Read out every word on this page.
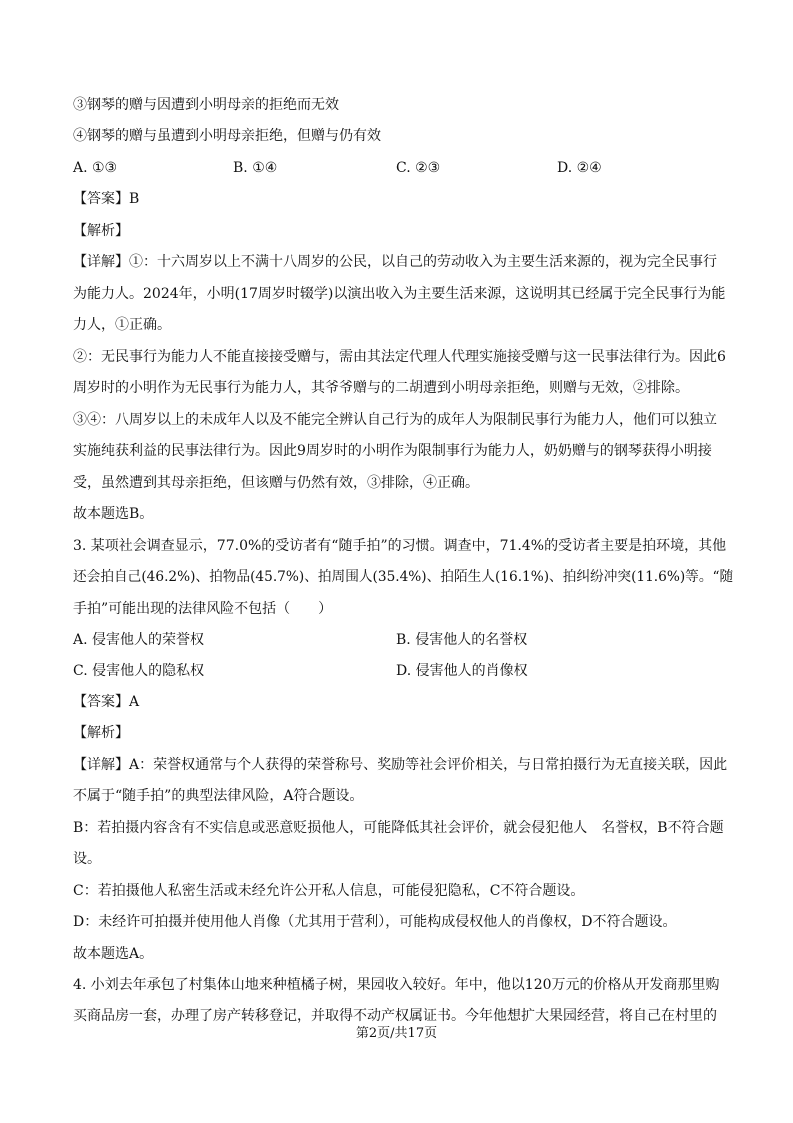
③钢琴的赠与因遭到小明母亲的拒绝而无效
④钢琴的赠与虽遭到小明母亲拒绝，但赠与仍有效
A. ①③	B. ①④	C. ②③	D. ②④
【答案】B
【解析】
【详解】①：十六周岁以上不满十八周岁的公民，以自己的劳动收入为主要生活来源的，视为完全民事行
为能力人。2024年，小明(17周岁时辍学)以演出收入为主要生活来源，这说明其已经属于完全民事行为能
力人，①正确。
②：无民事行为能力人不能直接接受赠与，需由其法定代理人代理实施接受赠与这一民事法律行为。因此6
周岁时的小明作为无民事行为能力人，其爷爷赠与的二胡遭到小明母亲拒绝，则赠与无效，②排除。
③④：八周岁以上的未成年人以及不能完全辨认自己行为的成年人为限制民事行为能力人，他们可以独立
实施纯获利益的民事法律行为。因此9周岁时的小明作为限制事行为能力人，奶奶赠与的钢琴获得小明接
受，虽然遭到其母亲拒绝，但该赠与仍然有效，③排除，④正确。
故本题选B。
3. 某项社会调查显示，77.0%的受访者有“随手拍”的习惯。调查中，71.4%的受访者主要是拍环境，其他
还会拍自己(46.2%)、拍物品(45.7%)、拍周围人(35.4%)、拍陌生人(16.1%)、拍纠纷冲突(11.6%)等。“随
手拍”可能出现的法律风险不包括（　　）
A. 侵害他人的荣誉权	B. 侵害他人的名誉权
C. 侵害他人的隐私权	D. 侵害他人的肖像权
【答案】A
【解析】
【详解】A：荣誉权通常与个人获得的荣誉称号、奖励等社会评价相关，与日常拍摄行为无直接关联，因此
不属于“随手拍”的典型法律风险，A符合题设。
B：若拍摄内容含有不实信息或恶意贬损他人，可能降低其社会评价，就会侵犯他人　名誉权，B不符合题
设。
C：若拍摄他人私密生活或未经允许公开私人信息，可能侵犯隐私，C不符合题设。
D：未经许可拍摄并使用他人肖像（尤其用于营利），可能构成侵权他人的肖像权，D不符合题设。
故本题选A。
4. 小刘去年承包了村集体山地来种植橘子树，果园收入较好。年中，他以120万元的价格从开发商那里购
买商品房一套，办理了房产转移登记，并取得不动产权属证书。今年他想扩大果园经营，将自己在村里的
第2页/共17页
